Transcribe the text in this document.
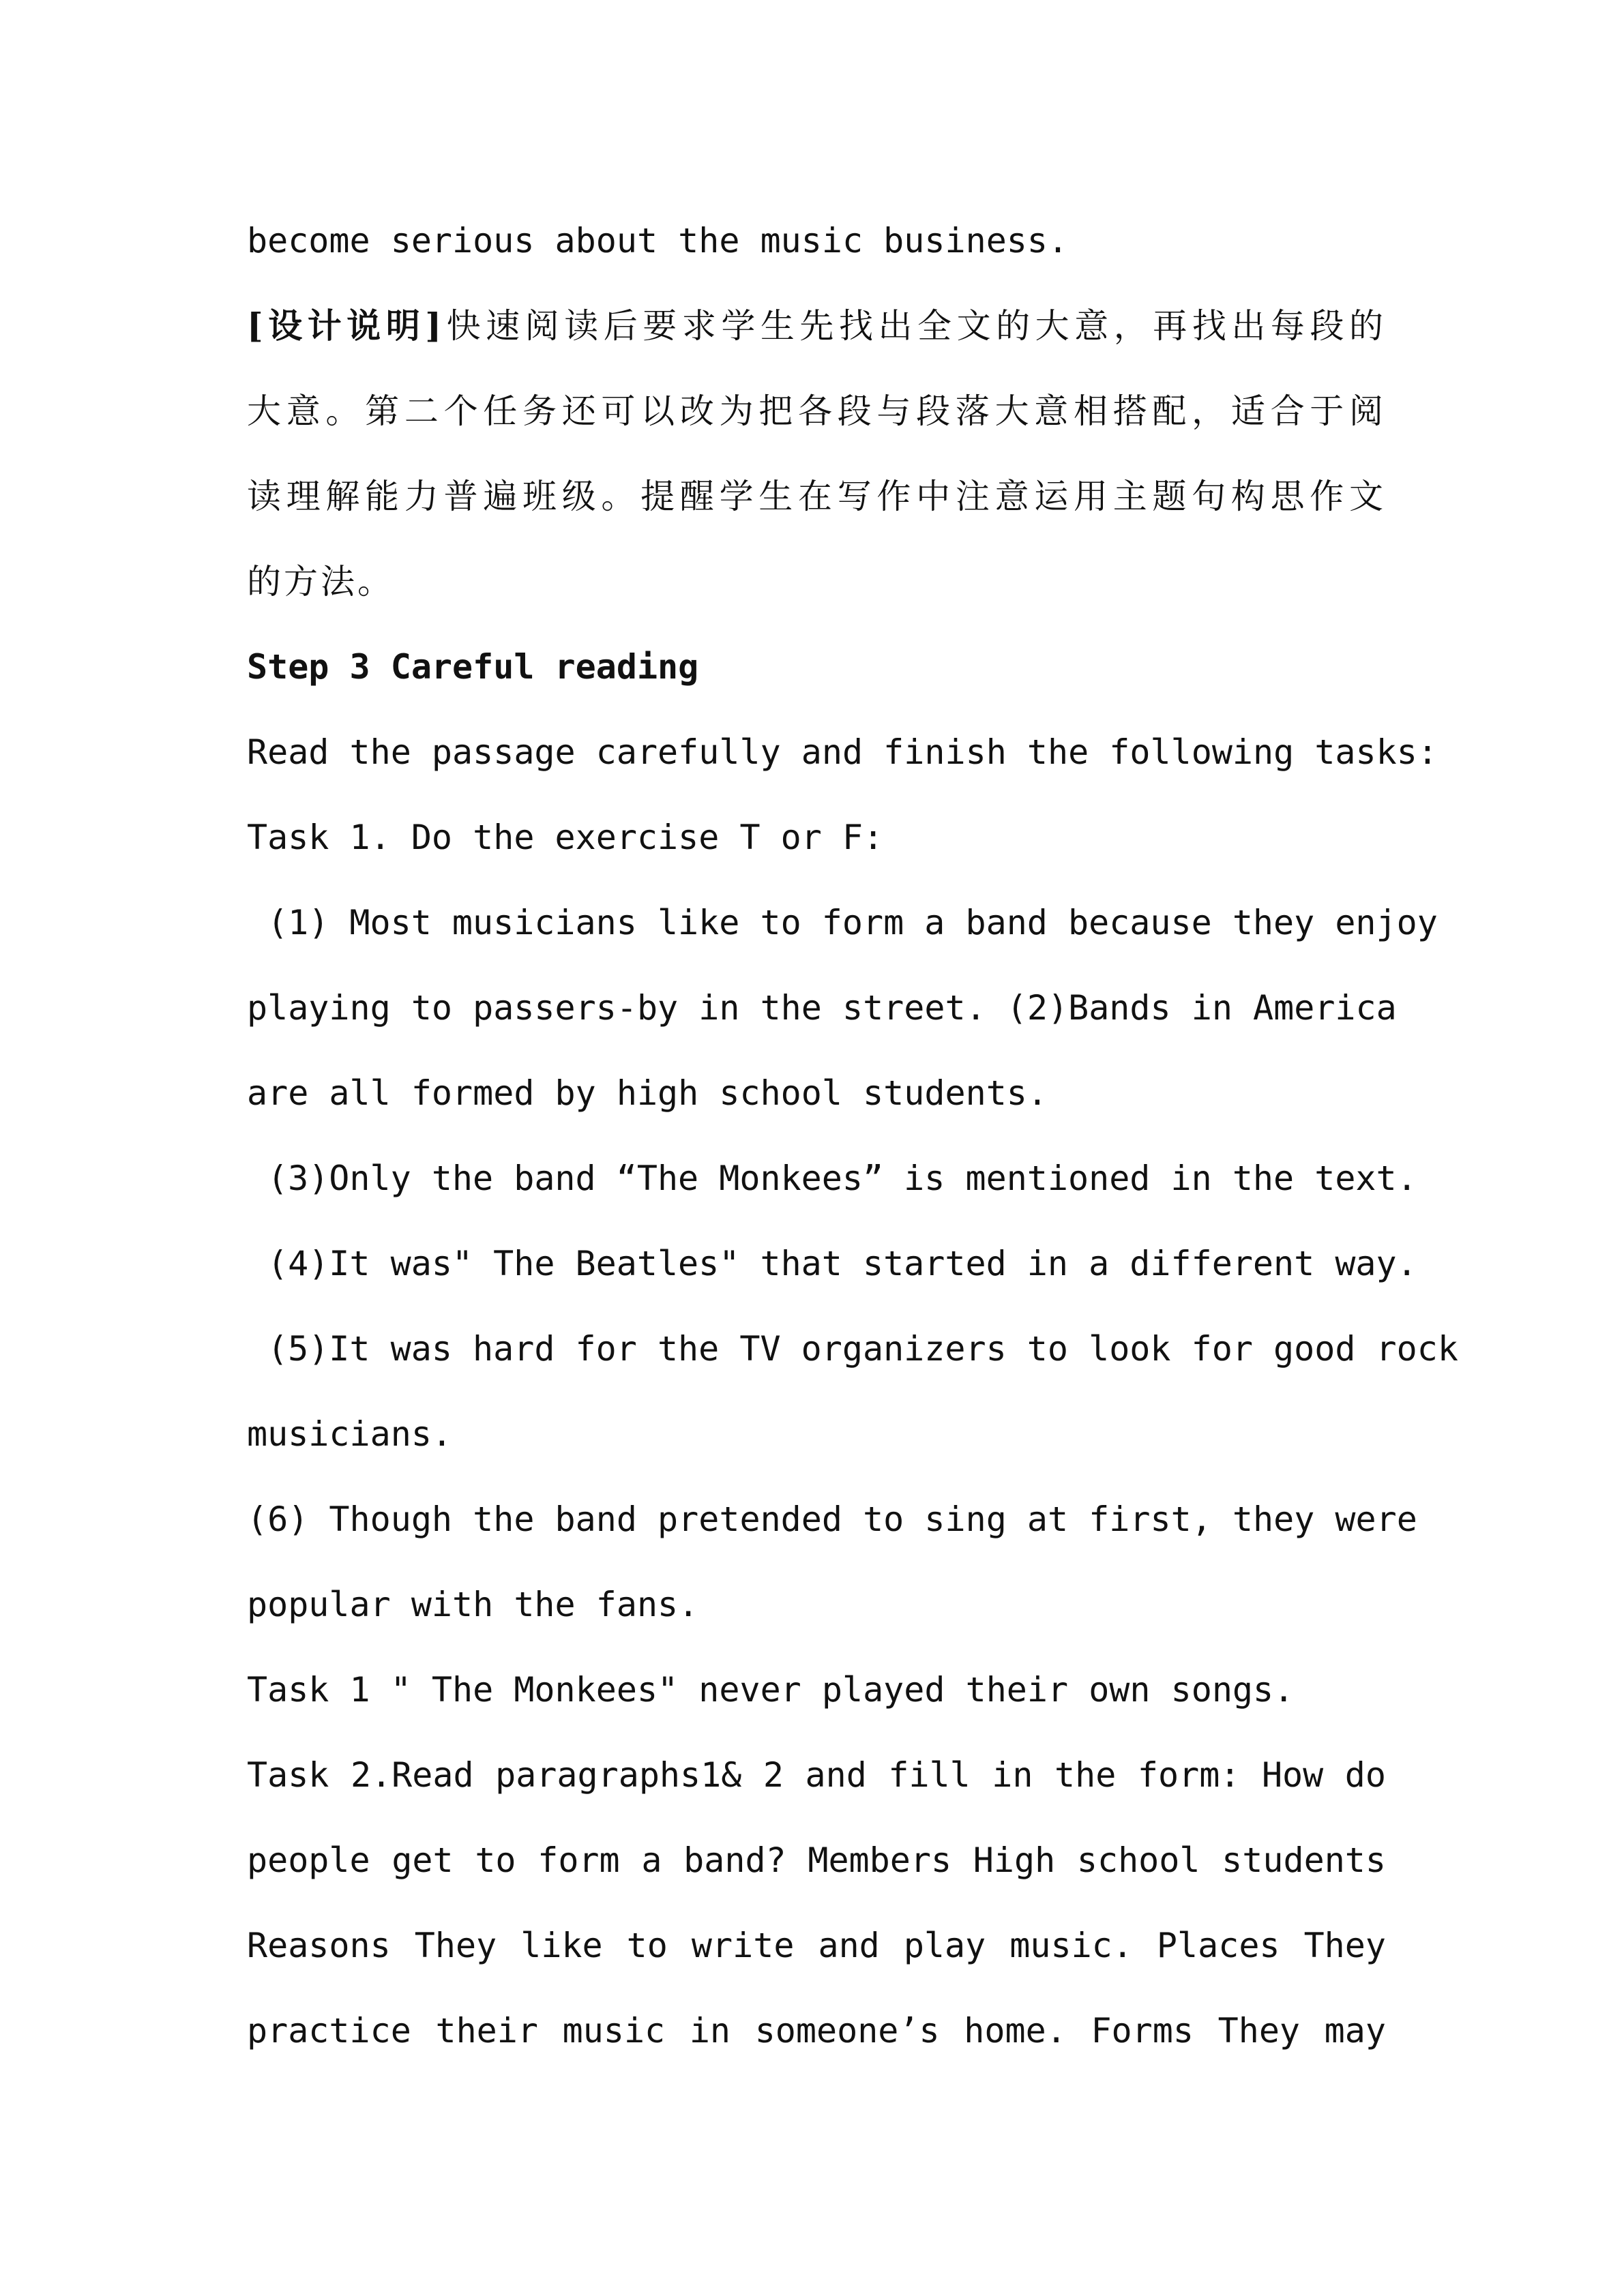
become serious about the music business.

[设计说明]快速阅读后要求学生先找出全文的大意，再找出每段的

大意。第二个任务还可以改为把各段与段落大意相搭配，适合于阅

读理解能力普遍班级。提醒学生在写作中注意运用主题句构思作文

的方法。

Step 3 Careful reading

Read the passage carefully and finish the following tasks:

Task 1. Do the exercise T or F:

(1) Most musicians like to form a band because they enjoy

playing to passers-by in the street. (2)Bands in America

are all formed by high school students.

(3)Only the band “The Monkees” is mentioned in the text.

(4)It was" The Beatles" that started in a different way.

(5)It was hard for the TV organizers to look for good rock

musicians.

(6) Though the band pretended to sing at first, they were

popular with the fans.

Task 1 " The Monkees" never played their own songs.

Task 2.Read paragraphs1& 2 and fill in the form: How do

people get to form a band? Members High school students

Reasons They like to write and play music. Places They

practice their music in someone’s home. Forms They may
